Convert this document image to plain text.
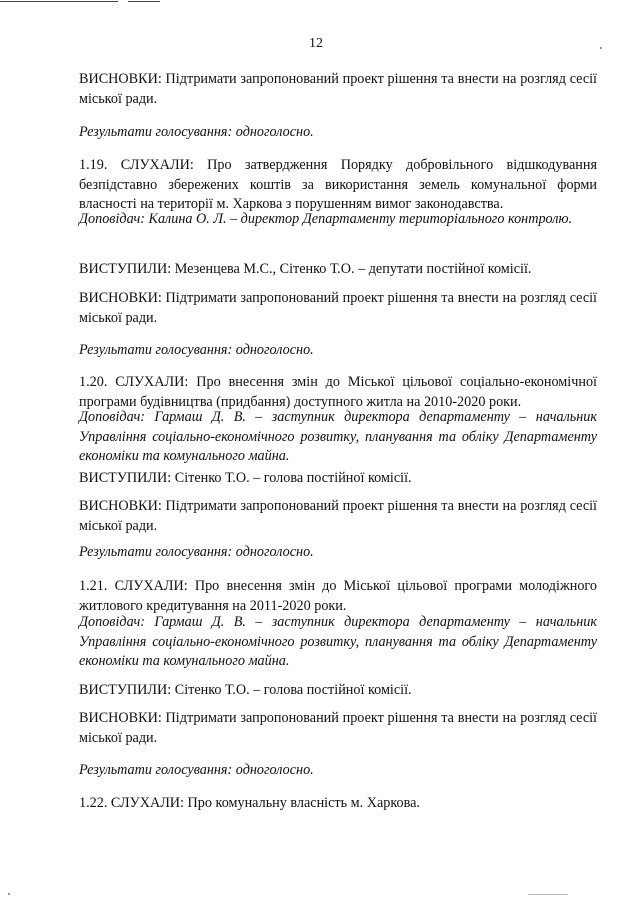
12
ВИСНОВКИ: Підтримати запропонований проект рішення та внести на розгляд сесії міської ради.
Результати голосування: одноголосно.
1.19. СЛУХАЛИ: Про затвердження Порядку добровільного відшкодування безпідставно збережених коштів за використання земель комунальної форми власності на території м. Харкова з порушенням вимог законодавства.
Доповідач: Калина О. Л. – директор Департаменту територіального контролю.
ВИСТУПИЛИ: Мезенцева М.С., Сітенко Т.О. – депутати постійної комісії.
ВИСНОВКИ: Підтримати запропонований проект рішення та внести на розгляд сесії міської ради.
Результати голосування: одноголосно.
1.20. СЛУХАЛИ: Про внесення змін до Міської цільової соціально-економічної програми будівництва (придбання) доступного житла на 2010-2020 роки.
Доповідач: Гармаш Д. В. – заступник директора департаменту – начальник Управління соціально-економічного розвитку, планування та обліку Департаменту економіки та комунального майна.
ВИСТУПИЛИ: Сітенко Т.О. – голова постійної комісії.
ВИСНОВКИ: Підтримати запропонований проект рішення та внести на розгляд сесії міської ради.
Результати голосування: одноголосно.
1.21. СЛУХАЛИ: Про внесення змін до Міської цільової програми молодіжного житлового кредитування на 2011-2020 роки.
Доповідач: Гармаш Д. В. – заступник директора департаменту – начальник Управління соціально-економічного розвитку, планування та обліку Департаменту економіки та комунального майна.
ВИСТУПИЛИ: Сітенко Т.О. – голова постійної комісії.
ВИСНОВКИ: Підтримати запропонований проект рішення та внести на розгляд сесії міської ради.
Результати голосування: одноголосно.
1.22. СЛУХАЛИ: Про комунальну власність м. Харкова.
